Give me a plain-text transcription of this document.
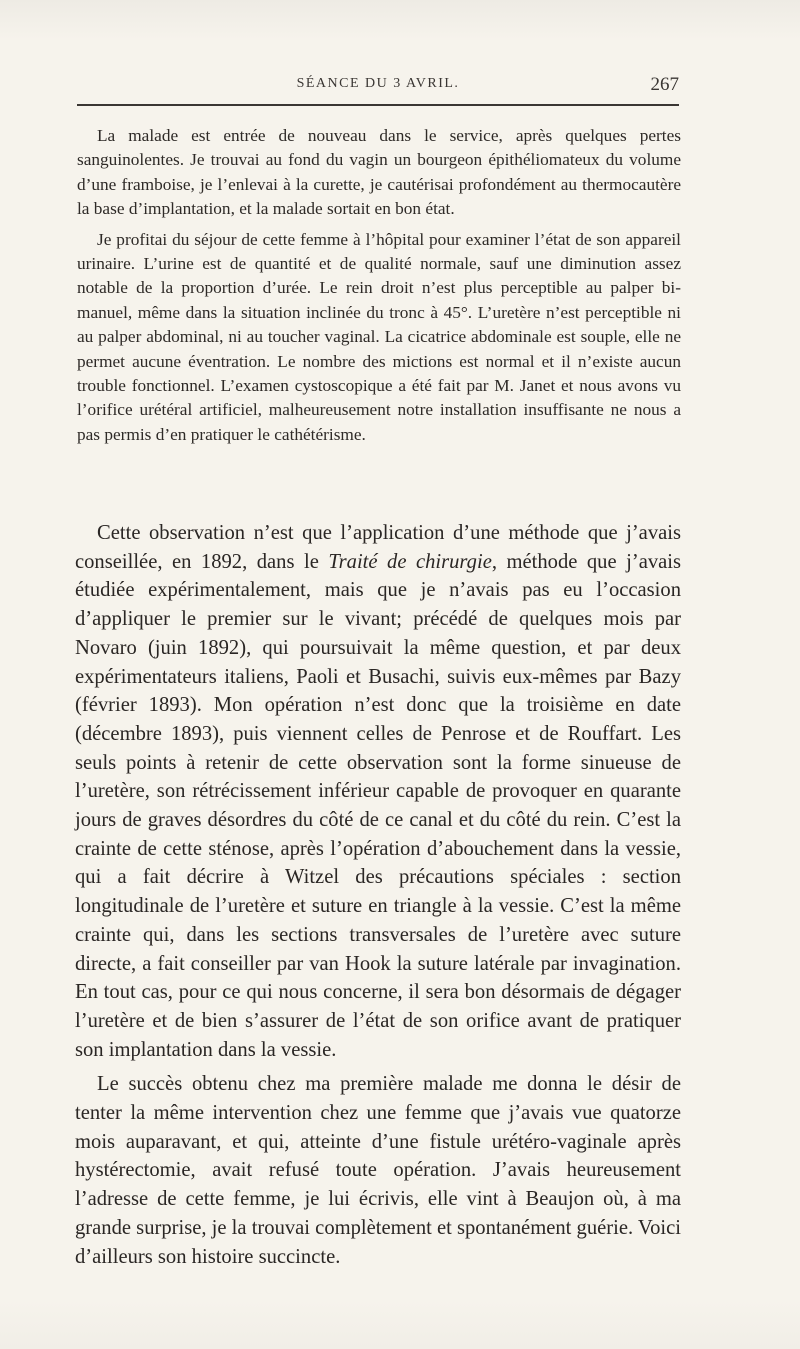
SÉANCE DU 3 AVRIL.	267

La malade est entrée de nouveau dans le service, après quelques pertes sanguinolentes. Je trouvai au fond du vagin un bourgeon épithéliomateux du volume d’une framboise, je l’enlevai à la curette, je cautérisai profondément au thermocautère la base d’implantation, et la malade sortait en bon état.

Je profitai du séjour de cette femme à l’hôpital pour examiner l’état de son appareil urinaire. L’urine est de quantité et de qualité normale, sauf une diminution assez notable de la proportion d’urée. Le rein droit n’est plus perceptible au palper bi-manuel, même dans la situation inclinée du tronc à 45°. L’uretère n’est perceptible ni au palper abdominal, ni au toucher vaginal. La cicatrice abdominale est souple, elle ne permet aucune éventration. Le nombre des mictions est normal et il n’existe aucun trouble fonctionnel. L’examen cystoscopique a été fait par M. Janet et nous avons vu l’orifice urétéral artificiel, malheureusement notre installation insuffisante ne nous a pas permis d’en pratiquer le cathétérisme.

Cette observation n’est que l’application d’une méthode que j’avais conseillée, en 1892, dans le Traité de chirurgie, méthode que j’avais étudiée expérimentalement, mais que je n’avais pas eu l’occasion d’appliquer le premier sur le vivant; précédé de quelques mois par Novaro (juin 1892), qui poursuivait la même question, et par deux expérimentateurs italiens, Paoli et Busachi, suivis eux-mêmes par Bazy (février 1893). Mon opération n’est donc que la troisième en date (décembre 1893), puis viennent celles de Penrose et de Rouffart. Les seuls points à retenir de cette observation sont la forme sinueuse de l’uretère, son rétrécissement inférieur capable de provoquer en quarante jours de graves désordres du côté de ce canal et du côté du rein. C’est la crainte de cette sténose, après l’opération d’abouchement dans la vessie, qui a fait décrire à Witzel des précautions spéciales : section longitudinale de l’uretère et suture en triangle à la vessie. C’est la même crainte qui, dans les sections transversales de l’uretère avec suture directe, a fait conseiller par van Hook la suture latérale par invagination. En tout cas, pour ce qui nous concerne, il sera bon désormais de dégager l’uretère et de bien s’assurer de l’état de son orifice avant de pratiquer son implantation dans la vessie.

Le succès obtenu chez ma première malade me donna le désir de tenter la même intervention chez une femme que j’avais vue quatorze mois auparavant, et qui, atteinte d’une fistule urétéro-vaginale après hystérectomie, avait refusé toute opération. J’avais heureusement l’adresse de cette femme, je lui écrivis, elle vint à Beaujon où, à ma grande surprise, je la trouvai complètement et spontanément guérie. Voici d’ailleurs son histoire succincte.
